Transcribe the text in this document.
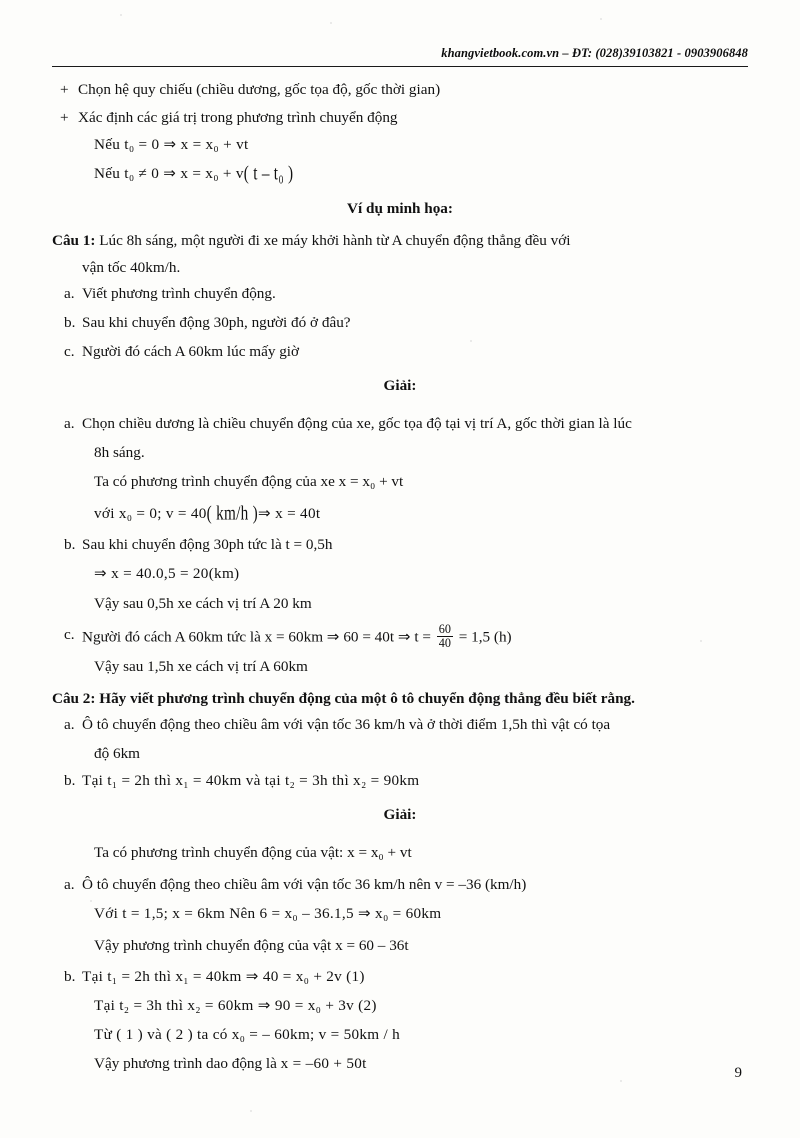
khangvietbook.com.vn – ĐT: (028)39103821 - 0903906848
+ Chọn hệ quy chiếu (chiều dương, gốc tọa độ, gốc thời gian)
+ Xác định các giá trị trong phương trình chuyển động
Nếu t₀ = 0 ⇒ x = x₀ + vt
Nếu t₀ ≠ 0 ⇒ x = x₀ + v( t – t₀ )
Ví dụ minh họa:
Câu 1: Lúc 8h sáng, một người đi xe máy khởi hành từ A chuyển động thẳng đều với
vận tốc 40km/h.
a. Viết phương trình chuyển động.
b. Sau khi chuyển động 30ph, người đó ở đâu?
c. Người đó cách A 60km lúc mấy giờ
Giải:
a. Chọn chiều dương là chiều chuyển động của xe, gốc tọa độ tại vị trí A, gốc thời gian là lúc
8h sáng.
Ta có phương trình chuyển động của xe x = x₀ + vt
với x₀ = 0; v = 40( km/h )⇒ x = 40t
b. Sau khi chuyển động 30ph tức là t = 0,5h
⇒ x = 40.0,5 = 20(km)
Vậy sau 0,5h xe cách vị trí A 20 km
c. Người đó cách A 60km tức là x = 60km ⇒ 60 = 40t ⇒ $t = \frac{60}{40} = 1,5$ (h)
Vậy sau 1,5h xe cách vị trí A 60km
Câu 2: Hãy viết phương trình chuyển động của một ô tô chuyển động thẳng đều biết rằng.
a. Ô tô chuyển động theo chiều âm với vận tốc 36 km/h và ở thời điểm 1,5h thì vật có tọa
độ 6km
b. Tại t₁ = 2h thì x₁ = 40km và tại t₂ = 3h thì x₂ = 90km
Giải:
Ta có phương trình chuyển động của vật: x = x₀ + vt
a. Ô tô chuyển động theo chiều âm với vận tốc 36 km/h nên v = –36 (km/h)
Với t = 1,5; x = 6km Nên 6 = x₀ – 36.1,5 ⇒ x₀ = 60km
Vậy phương trình chuyển động của vật x = 60 – 36t
b. Tại t₁ = 2h thì x₁ = 40km ⇒ 40 = x₀ + 2v (1)
Tại t₂ = 3h thì x₂ = 60km ⇒ 90 = x₀ + 3v (2)
Từ ( 1 ) và ( 2 ) ta có x₀ = – 60km; v = 50km / h
Vậy phương trình dao động là x = –60 + 50t
9
